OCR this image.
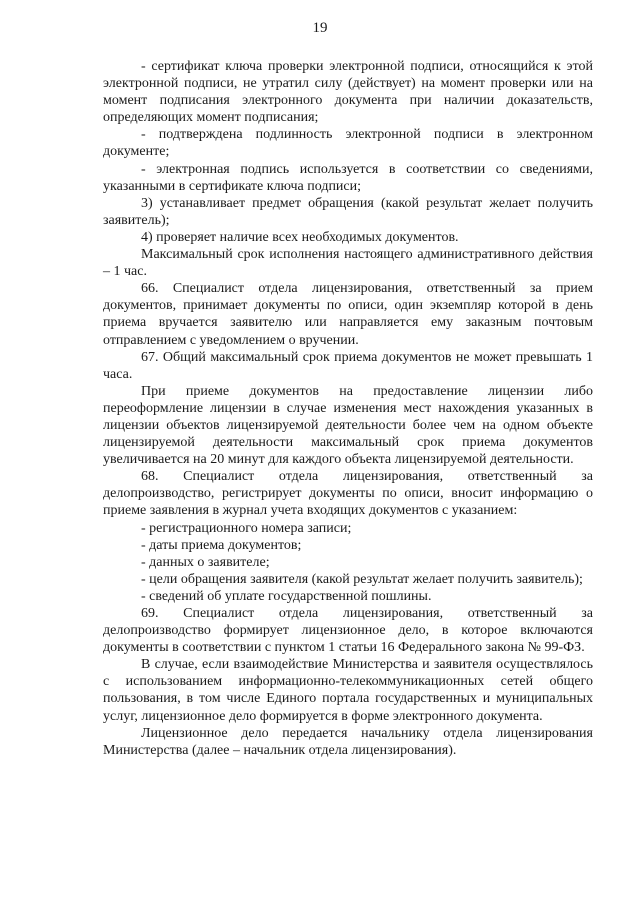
19

- сертификат ключа проверки электронной подписи, относящийся к этой электронной подписи, не утратил силу (действует) на момент проверки или на момент подписания электронного документа при наличии доказательств, определяющих момент подписания;

- подтверждена подлинность электронной подписи в электронном документе;

- электронная подпись используется в соответствии со сведениями, указанными в сертификате ключа подписи;

3) устанавливает предмет обращения (какой результат желает получить заявитель);

4) проверяет наличие всех необходимых документов.

Максимальный срок исполнения настоящего административного действия – 1 час.

66. Специалист отдела лицензирования, ответственный за прием документов, принимает документы по описи, один экземпляр которой в день приема вручается заявителю или направляется ему заказным почтовым отправлением с уведомлением о вручении.

67. Общий максимальный срок приема документов не может превышать 1 часа.

При приеме документов на предоставление лицензии либо переоформление лицензии в случае изменения мест нахождения указанных в лицензии объектов лицензируемой деятельности более чем на одном объекте лицензируемой деятельности максимальный срок приема документов увеличивается на 20 минут для каждого объекта лицензируемой деятельности.

68. Специалист отдела лицензирования, ответственный за делопроизводство, регистрирует документы по описи, вносит информацию о приеме заявления в журнал учета входящих документов с указанием:

- регистрационного номера записи;

- даты приема документов;

- данных о заявителе;

- цели обращения заявителя (какой результат желает получить заявитель);

- сведений об уплате государственной пошлины.

69. Специалист отдела лицензирования, ответственный за делопроизводство формирует лицензионное дело, в которое включаются документы в соответствии с пунктом 1 статьи 16 Федерального закона № 99-ФЗ.

В случае, если взаимодействие Министерства и заявителя осуществлялось с использованием информационно-телекоммуникационных сетей общего пользования, в том числе Единого портала государственных и муниципальных услуг, лицензионное дело формируется в форме электронного документа.

Лицензионное дело передается начальнику отдела лицензирования Министерства (далее – начальник отдела лицензирования).
